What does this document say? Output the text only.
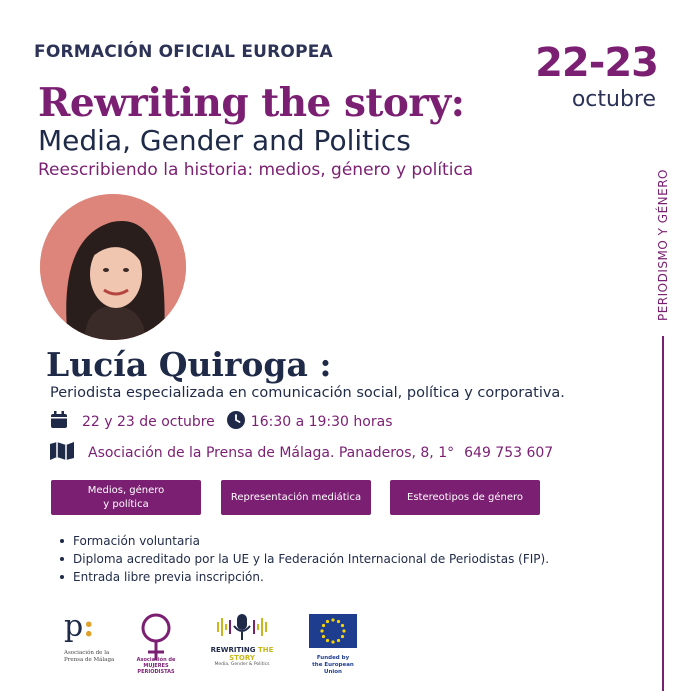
FORMACIÓN OFICIAL EUROPEA	22-23
octubre
Rewriting the story:
Media, Gender and Politics
Reescribiendo la historia: medios, género y política	PERIODISMO Y GÉNERO
Lucía Quiroga :
Periodista especializada en comunicación social, política y corporativa.
22 y 23 de octubre	16:30 a 19:30 horas
Asociación de la Prensa de Málaga. Panaderos, 8, 1° 649 753 607
Medios, género
y política
Representación mediática	Estereotipos de género
Formación voluntaria
Diploma acreditado por la UE y la Federación Internacional de Periodistas (FIP).
Entrada libre previa inscripción.
p:
Asociación de la
Prensa de Málaga	Asociación de
MUJERES
PERIODISTAS
REWRITING THE STORY
Media, Gender & Politics
Funded by
the European Union
